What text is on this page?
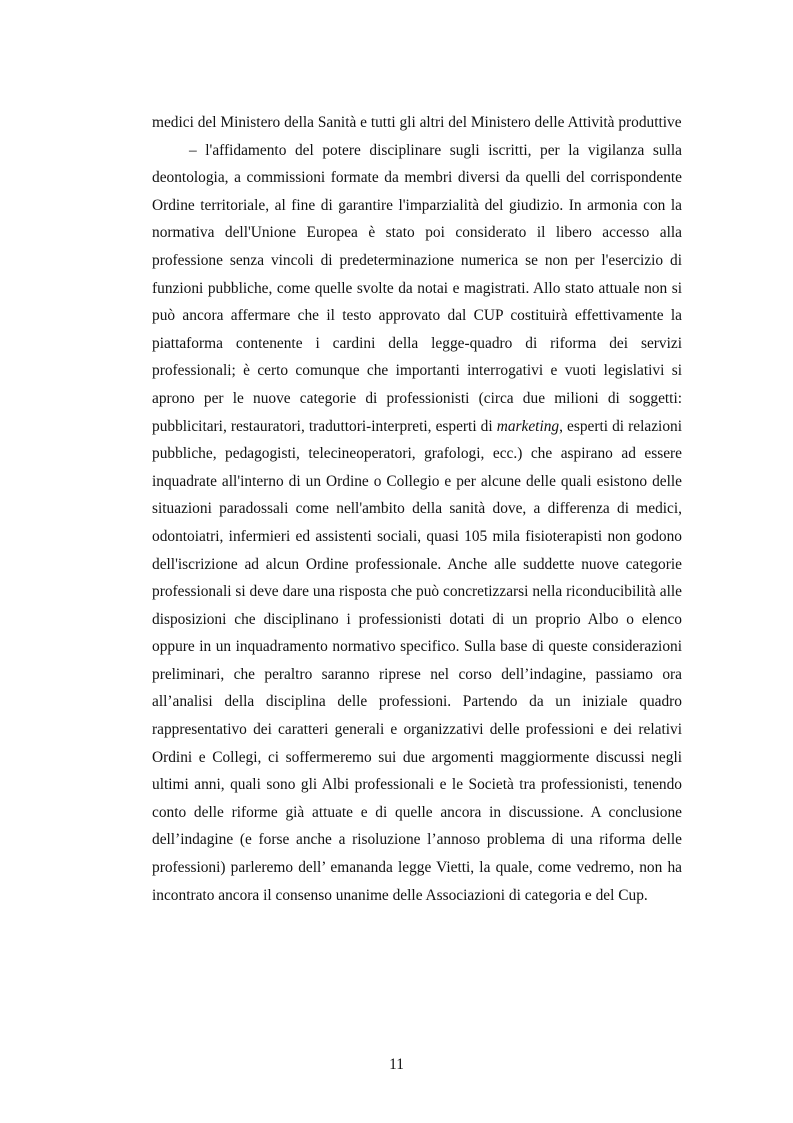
medici del Ministero della Sanità e tutti gli altri del Ministero delle Attività produttive

– l'affidamento del potere disciplinare sugli iscritti, per la vigilanza sulla deontologia, a commissioni formate da membri diversi da quelli del corrispondente Ordine territoriale, al fine di garantire l'imparzialità del giudizio. In armonia con la normativa dell'Unione Europea è stato poi considerato il libero accesso alla professione senza vincoli di predeterminazione numerica se non per l'esercizio di funzioni pubbliche, come quelle svolte da notai e magistrati. Allo stato attuale non si può ancora affermare che il testo approvato dal CUP costituirà effettivamente la piattaforma contenente i cardini della legge-quadro di riforma dei servizi professionali; è certo comunque che importanti interrogativi e vuoti legislativi si aprono per le nuove categorie di professionisti (circa due milioni di soggetti: pubblicitari, restauratori, traduttori-interpreti, esperti di marketing, esperti di relazioni pubbliche, pedagogisti, telecineoperatori, grafologi, ecc.) che aspirano ad essere inquadrate all'interno di un Ordine o Collegio e per alcune delle quali esistono delle situazioni paradossali come nell'ambito della sanità dove, a differenza di medici, odontoiatri, infermieri ed assistenti sociali, quasi 105 mila fisioterapisti non godono dell'iscrizione ad alcun Ordine professionale. Anche alle suddette nuove categorie professionali si deve dare una risposta che può concretizzarsi nella riconducibilità alle disposizioni che disciplinano i professionisti dotati di un proprio Albo o elenco oppure in un inquadramento normativo specifico. Sulla base di queste considerazioni preliminari, che peraltro saranno riprese nel corso dell’indagine, passiamo ora all’analisi della disciplina delle professioni. Partendo da un iniziale quadro rappresentativo dei caratteri generali e organizzativi delle professioni e dei relativi Ordini e Collegi, ci soffermeremo sui due argomenti maggiormente discussi negli ultimi anni, quali sono gli Albi professionali e le Società tra professionisti, tenendo conto delle riforme già attuate e di quelle ancora in discussione. A conclusione dell’indagine (e forse anche a risoluzione l’annoso problema di una riforma delle professioni) parleremo dell’ emananda legge Vietti, la quale, come vedremo, non ha incontrato ancora il consenso unanime delle Associazioni di categoria e del Cup.

11
